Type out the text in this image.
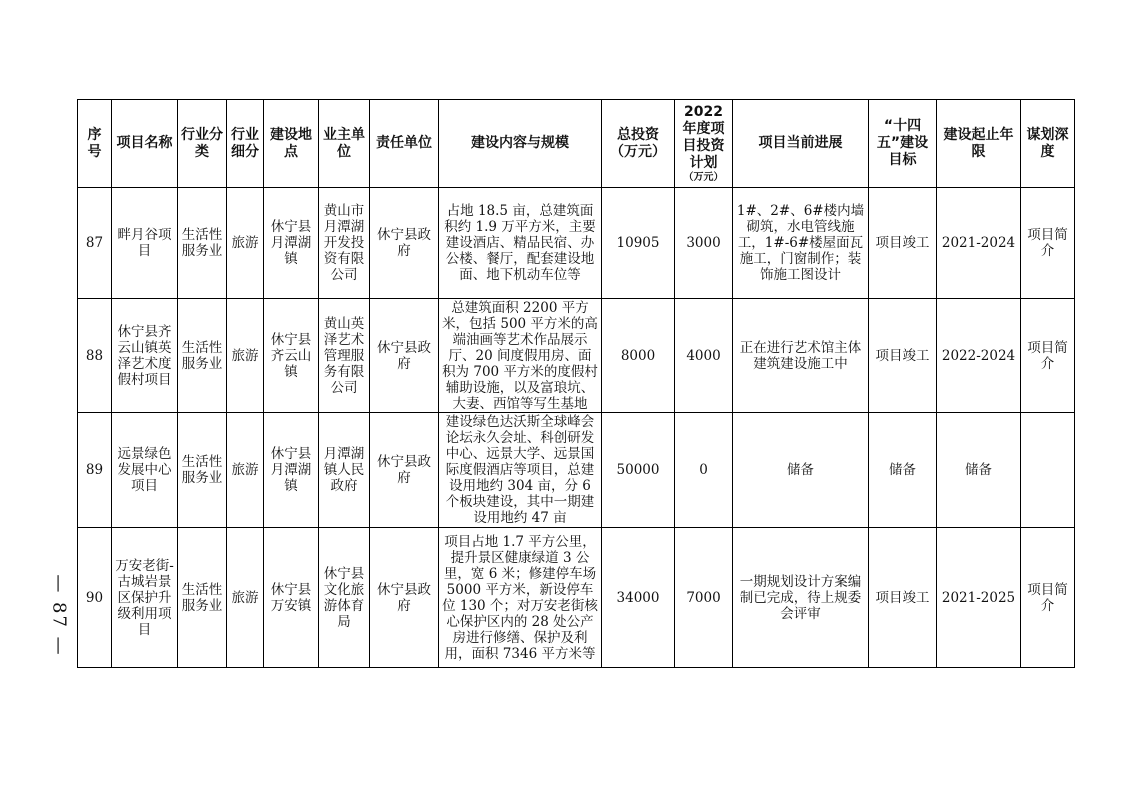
— 87 —
序号	项目名称	行业分类	行业细分	建设地点	业主单位	责任单位	建设内容与规模	总投资（万元）	2022年度项目投资计划
（万元）	项目当前进展	“十四五”建设目标	建设起止年限	谋划深度
87	畔月谷项目	生活性服务业	旅游	休宁县月潭湖镇	黄山市月潭湖开发投资有限公司	休宁县政府	占地 18.5 亩，总建筑面积约 1.9 万平方米，主要建设酒店、精品民宿、办公楼、餐厅，配套建设地面、地下机动车位等	10905	3000	1#、2#、6#楼内墙砌筑，水电管线施工，1#-6#楼屋面瓦施工，门窗制作；装饰施工图设计	项目竣工	2021-2024	项目简介
88	休宁县齐云山镇英泽艺术度假村项目	生活性服务业	旅游	休宁县齐云山镇	黄山英泽艺术管理服务有限公司	休宁县政府	总建筑面积 2200 平方米，包括 500 平方米的高端油画等艺术作品展示厅、20 间度假用房、面积为 700 平方米的度假村辅助设施，以及富琅坑、大妻、西馆等写生基地	8000	4000	正在进行艺术馆主体建筑建设施工中	项目竣工	2022-2024	项目简介
89	远景绿色发展中心项目	生活性服务业	旅游	休宁县月潭湖镇	月潭湖镇人民政府	休宁县政府	建设绿色达沃斯全球峰会论坛永久会址、科创研发中心、远景大学、远景国际度假酒店等项目，总建设用地约 304 亩，分 6 个板块建设，其中一期建设用地约 47 亩	50000	0	储备	储备	储备	
90	万安老街-古城岩景区保护升级利用项目	生活性服务业	旅游	休宁县万安镇	休宁县文化旅游体育局	休宁县政府	项目占地 1.7 平方公里，提升景区健康绿道 3 公里，宽 6 米；修建停车场 5000 平方米，新设停车位 130 个；对万安老街核心保护区内的 28 处公产房进行修缮、保护及利用，面积 7346 平方米等	34000	7000	一期规划设计方案编制已完成，待上规委会评审	项目竣工	2021-2025	项目简介
